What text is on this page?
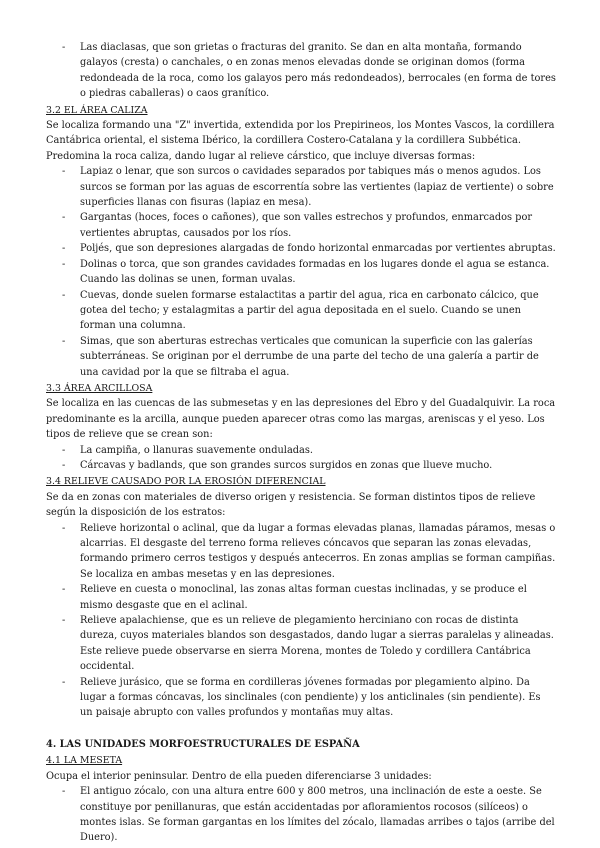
- Las diaclasas, que son grietas o fracturas del granito. Se dan en alta montaña, formando galayos (cresta) o canchales, o en zonas menos elevadas donde se originan domos (forma redondeada de la roca, como los galayos pero más redondeados), berrocales (en forma de tores o piedras caballeras) o caos granítico.

3.2 EL ÁREA CALIZA

Se localiza formando una "Z" invertida, extendida por los Prepirineos, los Montes Vascos, la cordillera Cantábrica oriental, el sistema Ibérico, la cordillera Costero-Catalana y la cordillera Subbética.

Predomina la roca caliza, dando lugar al relieve cárstico, que incluye diversas formas:

- Lapiaz o lenar, que son surcos o cavidades separados por tabiques más o menos agudos. Los surcos se forman por las aguas de escorrentía sobre las vertientes (lapiaz de vertiente) o sobre superficies llanas con fisuras (lapiaz en mesa).
- Gargantas (hoces, foces o cañones), que son valles estrechos y profundos, enmarcados por vertientes abruptas, causados por los ríos.
- Poljés, que son depresiones alargadas de fondo horizontal enmarcadas por vertientes abruptas.
- Dolinas o torca, que son grandes cavidades formadas en los lugares donde el agua se estanca. Cuando las dolinas se unen, forman uvalas.
- Cuevas, donde suelen formarse estalactitas a partir del agua, rica en carbonato cálcico, que gotea del techo; y estalagmitas a partir del agua depositada en el suelo. Cuando se unen forman una columna.
- Simas, que son aberturas estrechas verticales que comunican la superficie con las galerías subterráneas. Se originan por el derrumbe de una parte del techo de una galería a partir de una cavidad por la que se filtraba el agua.

3.3 ÁREA ARCILLOSA

Se localiza en las cuencas de las submesetas y en las depresiones del Ebro y del Guadalquivir. La roca predominante es la arcilla, aunque pueden aparecer otras como las margas, areniscas y el yeso. Los tipos de relieve que se crean son:

- La campiña, o llanuras suavemente onduladas.
- Cárcavas y badlands, que son grandes surcos surgidos en zonas que llueve mucho.

3.4 RELIEVE CAUSADO POR LA EROSIÓN DIFERENCIAL

Se da en zonas con materiales de diverso origen y resistencia. Se forman distintos tipos de relieve según la disposición de los estratos:

- Relieve horizontal o aclinal, que da lugar a formas elevadas planas, llamadas páramos, mesas o alcarrias. El desgaste del terreno forma relieves cóncavos que separan las zonas elevadas, formando primero cerros testigos y después antecerros. En zonas amplias se forman campiñas. Se localiza en ambas mesetas y en las depresiones.
- Relieve en cuesta o monoclinal, las zonas altas forman cuestas inclinadas, y se produce el mismo desgaste que en el aclinal.
- Relieve apalachiense, que es un relieve de plegamiento herciniano con rocas de distinta dureza, cuyos materiales blandos son desgastados, dando lugar a sierras paralelas y alineadas. Este relieve puede observarse en sierra Morena, montes de Toledo y cordillera Cantábrica occidental.
- Relieve jurásico, que se forma en cordilleras jóvenes formadas por plegamiento alpino. Da lugar a formas cóncavas, los sinclinales (con pendiente) y los anticlinales (sin pendiente). Es un paisaje abrupto con valles profundos y montañas muy altas.

4. LAS UNIDADES MORFOESTRUCTURALES DE ESPAÑA

4.1 LA MESETA

Ocupa el interior peninsular. Dentro de ella pueden diferenciarse 3 unidades:

- El antiguo zócalo, con una altura entre 600 y 800 metros, una inclinación de este a oeste. Se constituye por penillanuras, que están accidentadas por afloramientos rocosos (silíceos) o montes islas. Se forman gargantas en los límites del zócalo, llamadas arribes o tajos (arribe del Duero).
